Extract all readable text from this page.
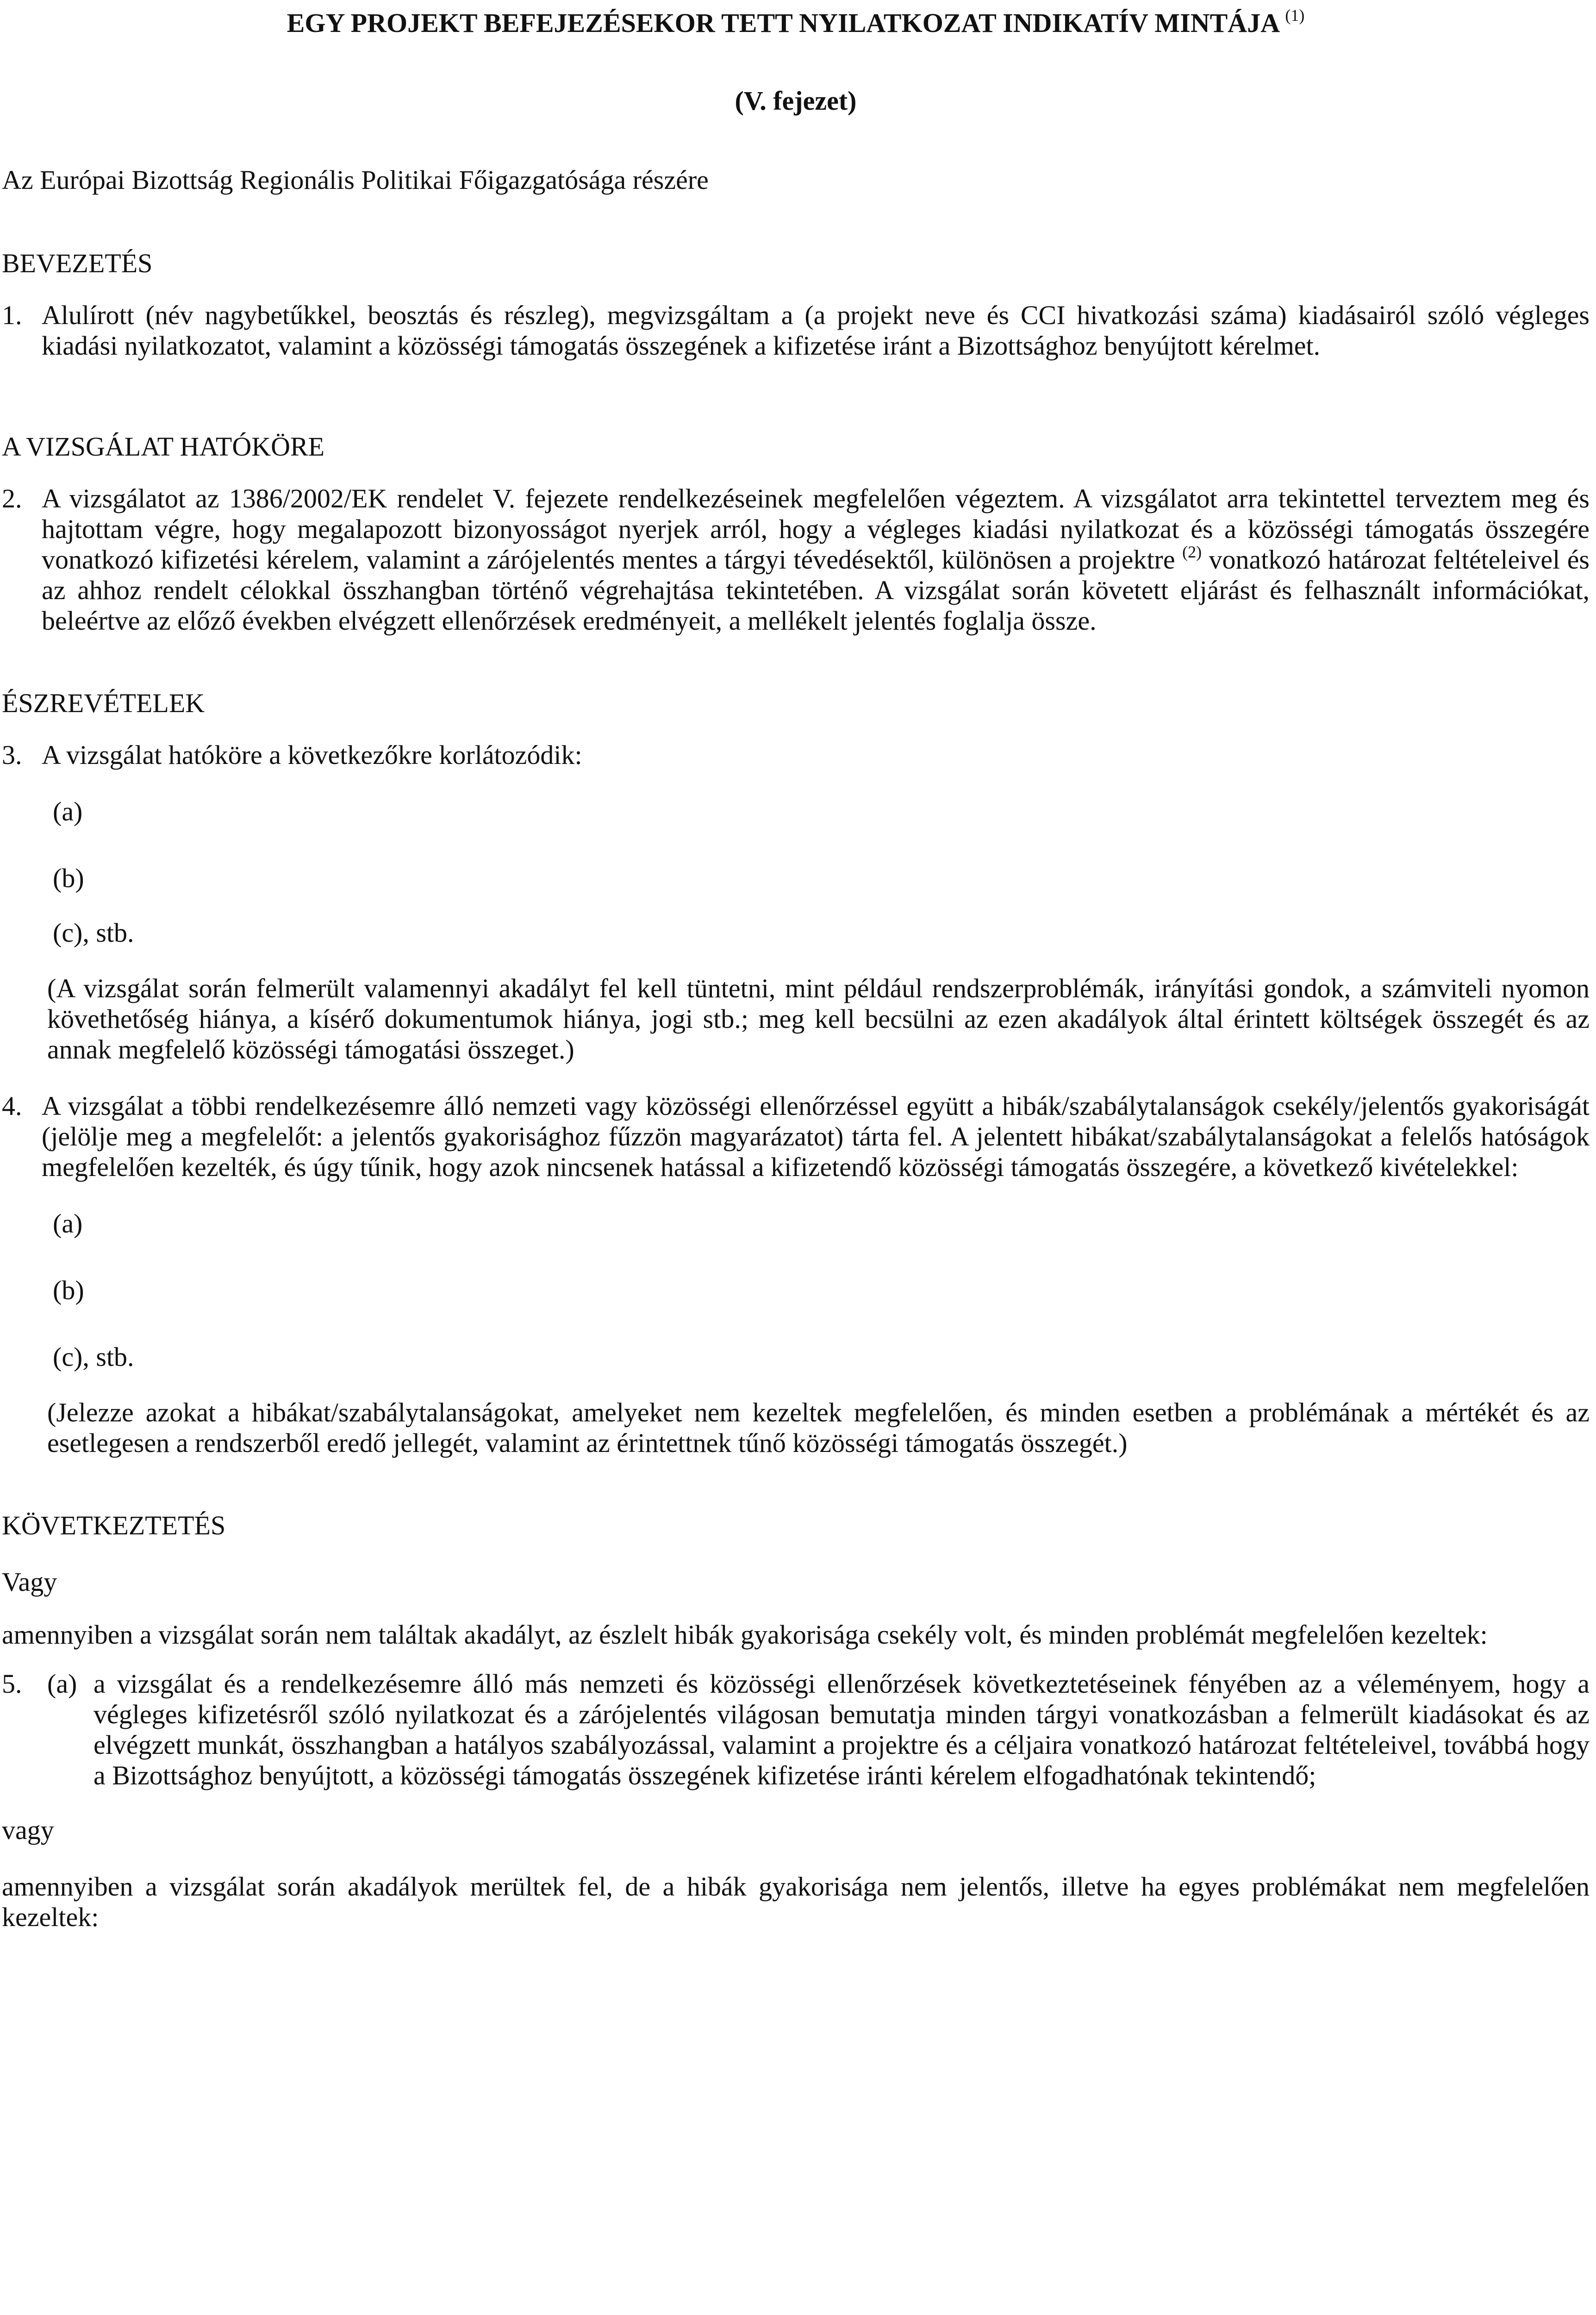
EGY PROJEKT BEFEJEZÉSEKOR TETT NYILATKOZAT INDIKATÍV MINTÁJA $^{(1)}$
(V. fejezet)

Az Európai Bizottság Regionális Politikai Főigazgatósága részére

BEVEZETÉS
1. Alulírott (név nagybetűkkel, beosztás és részleg), megvizsgáltam a (a projekt neve és CCI hivatkozási száma) kiadásairól szóló végleges kiadási nyilatkozatot, valamint a közösségi támogatás összegének a kifizetése iránt a Bizottsághoz benyújtott kérelmet.
A VIZSGÁLAT HATÓKÖRE
2. A vizsgálatot az 1386/2002/EK rendelet V. fejezete rendelkezéseinek megfelelően végeztem. A vizsgálatot arra tekintettel terveztem meg és hajtottam végre, hogy megalapozott bizonyosságot nyerjek arról, hogy a végleges kiadási nyilatkozat és a közösségi támogatás összegére vonatkozó kifizetési kérelem, valamint a zárójelentés mentes a tárgyi tévedésektől, különösen a projektre $^{(2)}$ vonatkozó határozat feltételeivel és az ahhoz rendelt célokkal összhangban történő végrehajtása tekintetében. A vizsgálat során követett eljárást és felhasznált információkat, beleértve az előző években elvégzett ellenőrzések eredményeit, a mellékelt jelentés foglalja össze.
ÉSZREVÉTELEK
3. A vizsgálat hatóköre a következőkre korlátozódik:
(a)
(b)
(c), stb.
(A vizsgálat során felmerült valamennyi akadályt fel kell tüntetni, mint például rendszerproblémák, irányítási gondok, a számviteli nyomon követhetőség hiánya, a kísérő dokumentumok hiánya, jogi stb.; meg kell becsülni az ezen akadályok által érintett költségek összegét és az annak megfelelő közösségi támogatási összeget.)
4. A vizsgálat a többi rendelkezésemre álló nemzeti vagy közösségi ellenőrzéssel együtt a hibák/szabálytalanságok csekély/jelentős gyakoriságát (jelölje meg a megfelelőt: a jelentős gyakorisághoz fűzzön magyarázatot) tárta fel. A jelentett hibákat/szabálytalanságokat a felelős hatóságok megfelelően kezelték, és úgy tűnik, hogy azok nincsenek hatással a kifizetendő közösségi támogatás összegére, a következő kivételekkel:
(a)
(b)
(c), stb.
(Jelezze azokat a hibákat/szabálytalanságokat, amelyeket nem kezeltek megfelelően, és minden esetben a problémának a mértékét és az esetlegesen a rendszerből eredő jellegét, valamint az érintettnek tűnő közösségi támogatás összegét.)
KÖVETKEZTETÉS

Vagy

amennyiben a vizsgálat során nem találtak akadályt, az észlelt hibák gyakorisága csekély volt, és minden problémát megfelelően kezeltek:

5. (a) a vizsgálat és a rendelkezésemre álló más nemzeti és közösségi ellenőrzések következtetéseinek fényében az a véleményem, hogy a végleges kifizetésről szóló nyilatkozat és a zárójelentés világosan bemutatja minden tárgyi vonatkozásban a felmerült kiadásokat és az elvégzett munkát, összhangban a hatályos szabályozással, valamint a projektre és a céljaira vonatkozó határozat feltételeivel, továbbá hogy a Bizottsághoz benyújtott, a közösségi támogatás összegének kifizetése iránti kérelem elfogadhatónak tekintendő;

vagy

amennyiben a vizsgálat során akadályok merültek fel, de a hibák gyakorisága nem jelentős, illetve ha egyes problémákat nem megfelelően kezeltek:
